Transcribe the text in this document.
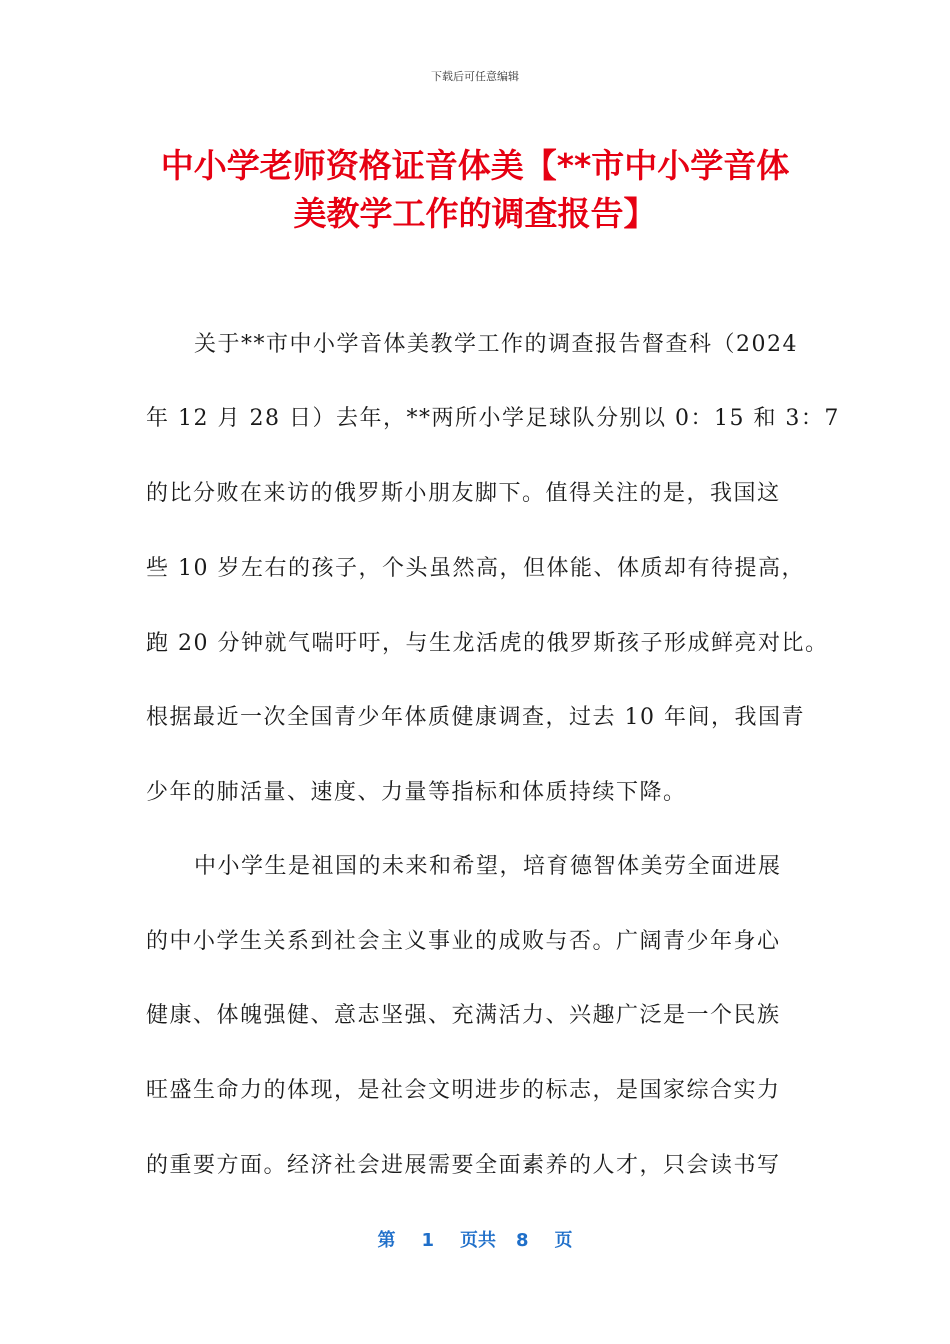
下载后可任意编辑
中小学老师资格证音体美【**市中小学音体
美教学工作的调查报告】
关于**市中小学音体美教学工作的调查报告督查科（2024
年 12 月 28 日）去年，**两所小学足球队分别以 0：15 和 3：7
的比分败在来访的俄罗斯小朋友脚下。值得关注的是，我国这
些 10 岁左右的孩子，个头虽然高，但体能、体质却有待提高，
跑 20 分钟就气喘吁吁，与生龙活虎的俄罗斯孩子形成鲜亮对比。
根据最近一次全国青少年体质健康调查，过去 10 年间，我国青
少年的肺活量、速度、力量等指标和体质持续下降。
中小学生是祖国的未来和希望，培育德智体美劳全面进展
的中小学生关系到社会主义事业的成败与否。广阔青少年身心
健康、体魄强健、意志坚强、充满活力、兴趣广泛是一个民族
旺盛生命力的体现，是社会文明进步的标志，是国家综合实力
的重要方面。经济社会进展需要全面素养的人才，只会读书写
第 1 页共 8 页
